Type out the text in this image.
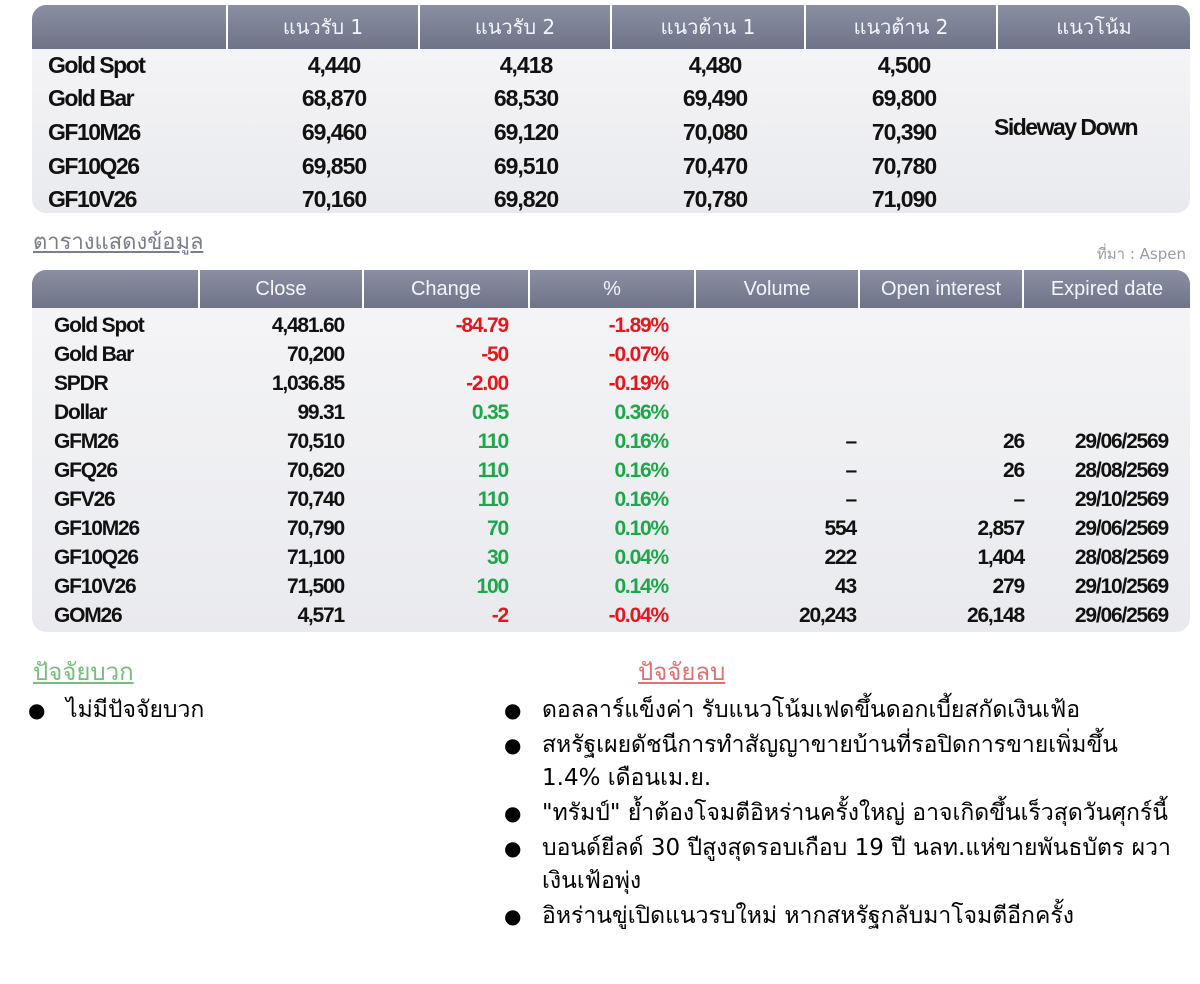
แนวรับ 1	แนวรับ 2	แนวต้าน 1	แนวต้าน 2	แนวโน้ม
Gold Spot	4,440	4,418	4,480	4,500
Gold Bar	68,870	68,530	69,490	69,800
GF10M26	69,460	69,120	70,080	70,390
GF10Q26	69,850	69,510	70,470	70,780
GF10V26	70,160	69,820	70,780	71,090
Sideway Down
ตารางแสดงข้อมูล	ที่มา : Aspen
Close	Change	%	Volume	Open interest	Expired date
Gold Spot	4,481.60	-84.79	-1.89%
Gold Bar	70,200	-50	-0.07%
SPDR	1,036.85	-2.00	-0.19%
Dollar	99.31	0.35	0.36%
GFM26	70,510	110	0.16%	–	26	29/06/2569
GFQ26	70,620	110	0.16%	–	26	28/08/2569
GFV26	70,740	110	0.16%	–	–	29/10/2569
GF10M26	70,790	70	0.10%	554	2,857	29/06/2569
GF10Q26	71,100	30	0.04%	222	1,404	28/08/2569
GF10V26	71,500	100	0.14%	43	279	29/10/2569
GOM26	4,571	-2	-0.04%	20,243	26,148	29/06/2569
ปัจจัยบวก	ปัจจัยลบ
● ไม่มีปัจจัยบวก	● ดอลลาร์แข็งค่า รับแนวโน้มเฟดขึ้นดอกเบี้ยสกัดเงินเฟ้อ
● สหรัฐเผยดัชนีการทำสัญญาขายบ้านที่รอปิดการขายเพิ่มขึ้น 1.4% เดือนเม.ย.
● "ทรัมป์" ย้ำต้องโจมตีอิหร่านครั้งใหญ่ อาจเกิดขึ้นเร็วสุดวันศุกร์นี้
● บอนด์ยีลด์ 30 ปีสูงสุดรอบเกือบ 19 ปี นลท.แห่ขายพันธบัตร ผวาเงินเฟ้อพุ่ง
● อิหร่านขู่เปิดแนวรบใหม่ หากสหรัฐกลับมาโจมตีอีกครั้ง
